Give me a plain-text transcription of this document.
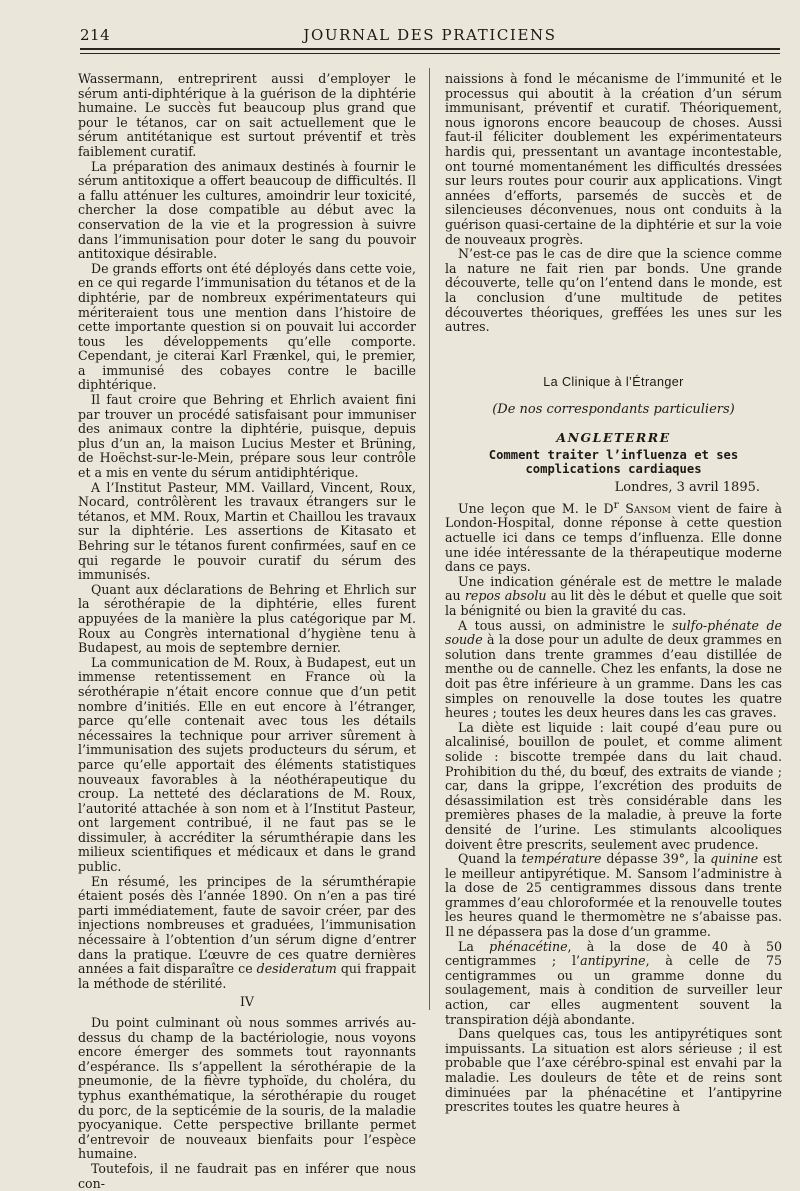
214	JOURNAL DES PRATICIENS

Wassermann, entreprirent aussi d’employer le sérum anti-diphtérique à la guérison de la diphtérie humaine. Le succès fut beaucoup plus grand que pour le tétanos, car on sait actuellement que le sérum antitétanique est surtout préventif et très faiblement curatif.

La préparation des animaux destinés à fournir le sérum antitoxique a offert beaucoup de difficultés. Il a fallu atténuer les cultures, amoindrir leur toxicité, chercher la dose compatible au début avec la conservation de la vie et la progression à suivre dans l’immunisation pour doter le sang du pouvoir antitoxique désirable.

De grands efforts ont été déployés dans cette voie, en ce qui regarde l’immunisation du tétanos et de la diphtérie, par de nombreux expérimentateurs qui mériteraient tous une mention dans l’histoire de cette importante question si on pouvait lui accorder tous les développements qu’elle comporte. Cependant, je citerai Karl Frænkel, qui, le premier, a immunisé des cobayes contre le bacille diphtérique.

Il faut croire que Behring et Ehrlich avaient fini par trouver un procédé satisfaisant pour immuniser des animaux contre la diphtérie, puisque, depuis plus d’un an, la maison Lucius Mester et Brüning, de Hoëchst-sur-le-Mein, prépare sous leur contrôle et a mis en vente du sérum antidiphtérique.

A l’Institut Pasteur, MM. Vaillard, Vincent, Roux, Nocard, contrôlèrent les travaux étrangers sur le tétanos, et MM. Roux, Martin et Chaillou les travaux sur la diphtérie. Les assertions de Kitasato et Behring sur le tétanos furent confirmées, sauf en ce qui regarde le pouvoir curatif du sérum des immunisés.

Quant aux déclarations de Behring et Ehrlich sur la sérothérapie de la diphtérie, elles furent appuyées de la manière la plus catégorique par M. Roux au Congrès international d’hygiène tenu à Budapest, au mois de septembre dernier.

La communication de M. Roux, à Budapest, eut un immense retentissement en France où la sérothérapie n’était encore connue que d’un petit nombre d’initiés. Elle en eut encore à l’étranger, parce qu’elle contenait avec tous les détails nécessaires la technique pour arriver sûrement à l’immunisation des sujets producteurs du sérum, et parce qu’elle apportait des éléments statistiques nouveaux favorables à la néothérapeutique du croup. La netteté des déclarations de M. Roux, l’autorité attachée à son nom et à l’Institut Pasteur, ont largement contribué, il ne faut pas se le dissimuler, à accréditer la sérumthérapie dans les milieux scientifiques et médicaux et dans le grand public.

En résumé, les principes de la sérumthérapie étaient posés dès l’année 1890. On n’en a pas tiré parti immédiatement, faute de savoir créer, par des injections nombreuses et graduées, l’immunisation nécessaire à l’obtention d’un sérum digne d’entrer dans la pratique. L’œuvre de ces quatre dernières années a fait disparaître ce desideratum qui frappait la méthode de stérilité.

IV

Du point culminant où nous sommes arrivés au-dessus du champ de la bactériologie, nous voyons encore émerger des sommets tout rayonnants d’espérance. Ils s’appellent la sérothérapie de la pneumonie, de la fièvre typhoïde, du choléra, du typhus exanthématique, la sérothérapie du rouget du porc, de la septicémie de la souris, de la maladie pyocyanique. Cette perspective brillante permet d’entrevoir de nouveaux bienfaits pour l’espèce humaine.

Toutefois, il ne faudrait pas en inférer que nous con-

naissions à fond le mécanisme de l’immunité et le processus qui aboutit à la création d’un sérum immunisant, préventif et curatif. Théoriquement, nous ignorons encore beaucoup de choses. Aussi faut-il féliciter doublement les expérimentateurs hardis qui, pressentant un avantage incontestable, ont tourné momentanément les difficultés dressées sur leurs routes pour courir aux applications. Vingt années d’efforts, parsemés de succès et de silencieuses déconvenues, nous ont conduits à la guérison quasi-certaine de la diphtérie et sur la voie de nouveaux progrès.

N’est-ce pas le cas de dire que la science comme la nature ne fait rien par bonds. Une grande découverte, telle qu’on l’entend dans le monde, est la conclusion d’une multitude de petites découvertes théoriques, greffées les unes sur les autres.

La Clinique à l’Étranger

(De nos correspondants particuliers)

ANGLETERRE

Comment traiter l’influenza et ses complications cardiaques

Londres, 3 avril 1895.

Une leçon que M. le $D^r$ Sansom vient de faire à London-Hospital, donne réponse à cette question actuelle ici dans ce temps d’influenza. Elle donne une idée intéressante de la thérapeutique moderne dans ce pays.

Une indication générale est de mettre le malade au repos absolu au lit dès le début et quelle que soit la bénignité ou bien la gravité du cas.

A tous aussi, on administre le sulfo-phénate de soude à la dose pour un adulte de deux grammes en solution dans trente grammes d’eau distillée de menthe ou de cannelle. Chez les enfants, la dose ne doit pas être inférieure à un gramme. Dans les cas simples on renouvelle la dose toutes les quatre heures ; toutes les deux heures dans les cas graves.

La diète est liquide : lait coupé d’eau pure ou alcalinisé, bouillon de poulet, et comme aliment solide : biscotte trempée dans du lait chaud. Prohibition du thé, du bœuf, des extraits de viande ; car, dans la grippe, l’excrétion des produits de désassimilation est très considérable dans les premières phases de la maladie, à preuve la forte densité de l’urine. Les stimulants alcooliques doivent être prescrits, seulement avec prudence.

Quand la température dépasse 39°, la quinine est le meilleur antipyrétique. M. Sansom l’administre à la dose de 25 centigrammes dissous dans trente grammes d’eau chloroformée et la renouvelle toutes les heures quand le thermomètre ne s’abaisse pas. Il ne dépassera pas la dose d’un gramme.

La phénacétine, à la dose de 40 à 50 centigrammes ; l’antipyrine, à celle de 75 centigrammes ou un gramme donne du soulagement, mais à condition de surveiller leur action, car elles augmentent souvent la transpiration déjà abondante.

Dans quelques cas, tous les antipyrétiques sont impuissants. La situation est alors sérieuse ; il est probable que l’axe cérébro-spinal est envahi par la maladie. Les douleurs de tête et de reins sont diminuées par la phénacétine et l’antipyrine prescrites toutes les quatre heures à
